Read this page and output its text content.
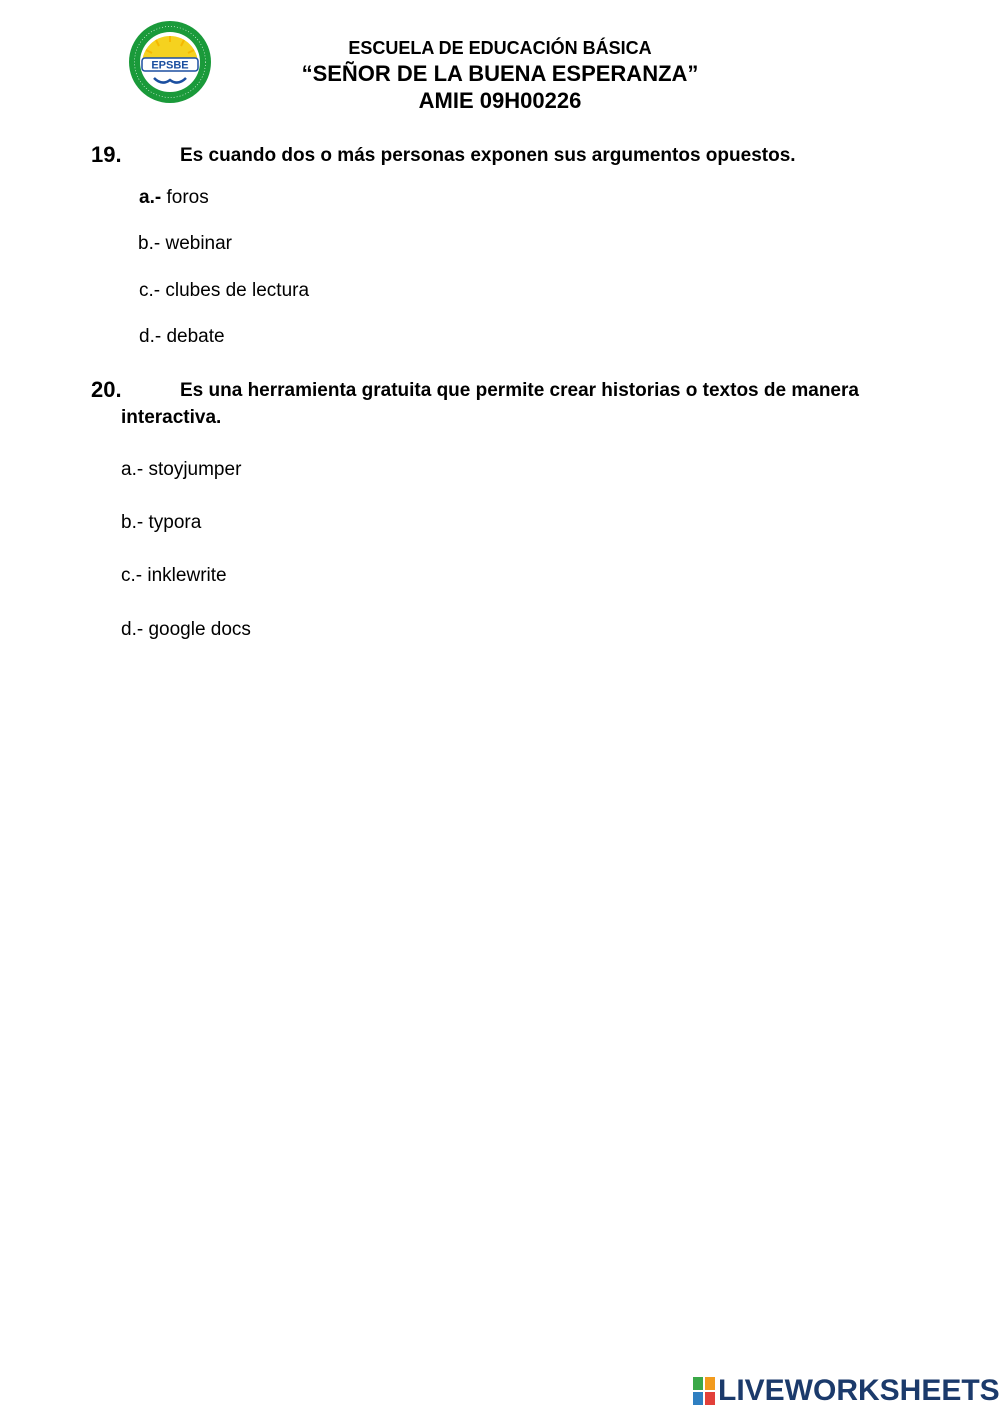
EPSBE
ESCUELA DE EDUCACIÓN BÁSICA
“SEÑOR DE LA BUENA ESPERANZA”
AMIE 09H00226
19.	Es cuando dos o más personas exponen sus argumentos opuestos.
a.- foros
b.- webinar
c.- clubes de lectura
d.- debate
20.	Es una herramienta gratuita que permite crear historias o textos de manera
interactiva.
a.- stoyjumper
b.- typora
c.- inklewrite
d.- google docs
LIVEWORKSHEETS
